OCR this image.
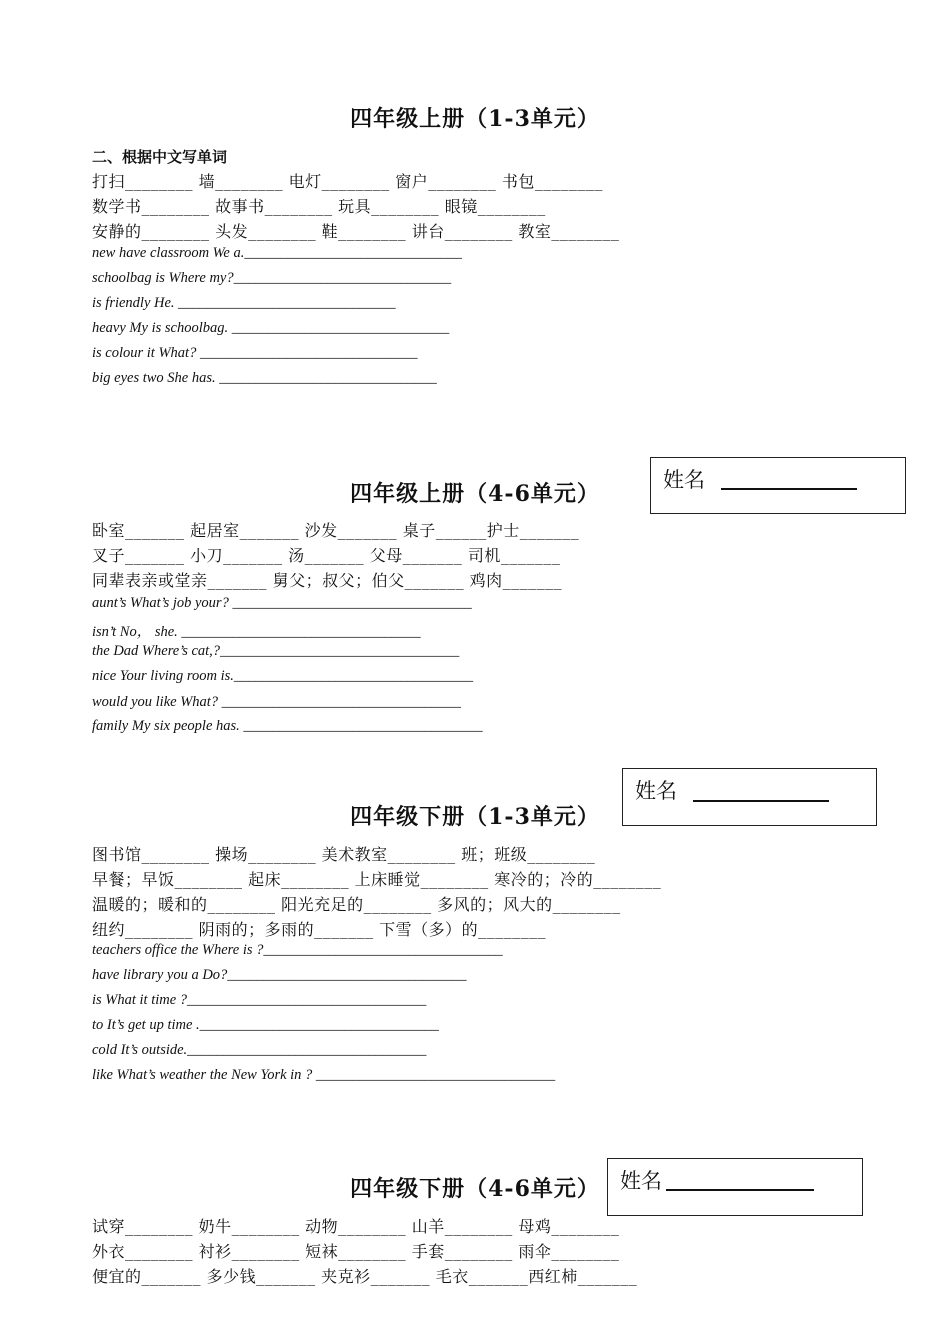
四年级上册（1-3单元）
二、根据中文写单词
打扫________ 墙________ 电灯________ 窗户________ 书包________
数学书________ 故事书________ 玩具________ 眼镜________
安静的________ 头发________ 鞋________ 讲台________ 教室________
new have classroom We a.______________________________
schoolbag is Where my?______________________________
is friendly He. ______________________________
heavy My is schoolbag. ______________________________
is colour it What? ______________________________
big eyes two She has. ______________________________
姓名
四年级上册（4-6单元）
卧室_______ 起居室_______ 沙发_______ 桌子______护士_______
叉子_______ 小刀_______ 汤_______ 父母_______ 司机_______
同辈表亲或堂亲_______ 舅父；叔父；伯父_______ 鸡肉_______
aunt’s What’s job your? _________________________________
isn’t No， she. _________________________________
the Dad Where’s cat,?_________________________________
nice Your living room is._________________________________
would you like What? _________________________________
family My six people has. _________________________________
姓名
四年级下册（1-3单元）
图书馆________ 操场________ 美术教室________ 班；班级________
早餐；早饭________ 起床________ 上床睡觉________ 寒冷的；冷的________
温暖的；暖和的________ 阳光充足的________ 多风的；风大的________
纽约________ 阴雨的；多雨的_______ 下雪（多）的________
teachers office the Where is ?_________________________________
have library you a Do?_________________________________
is What it time ?_________________________________
to It’s get up time ._________________________________
cold It’s outside._________________________________
like What’s weather the New York in ? _________________________________
姓名
四年级下册（4-6单元）
试穿________ 奶牛________ 动物________ 山羊________ 母鸡________
外衣________ 衬衫________ 短袜________ 手套________ 雨伞________
便宜的_______ 多少钱_______ 夹克衫_______ 毛衣_______西红柿_______
